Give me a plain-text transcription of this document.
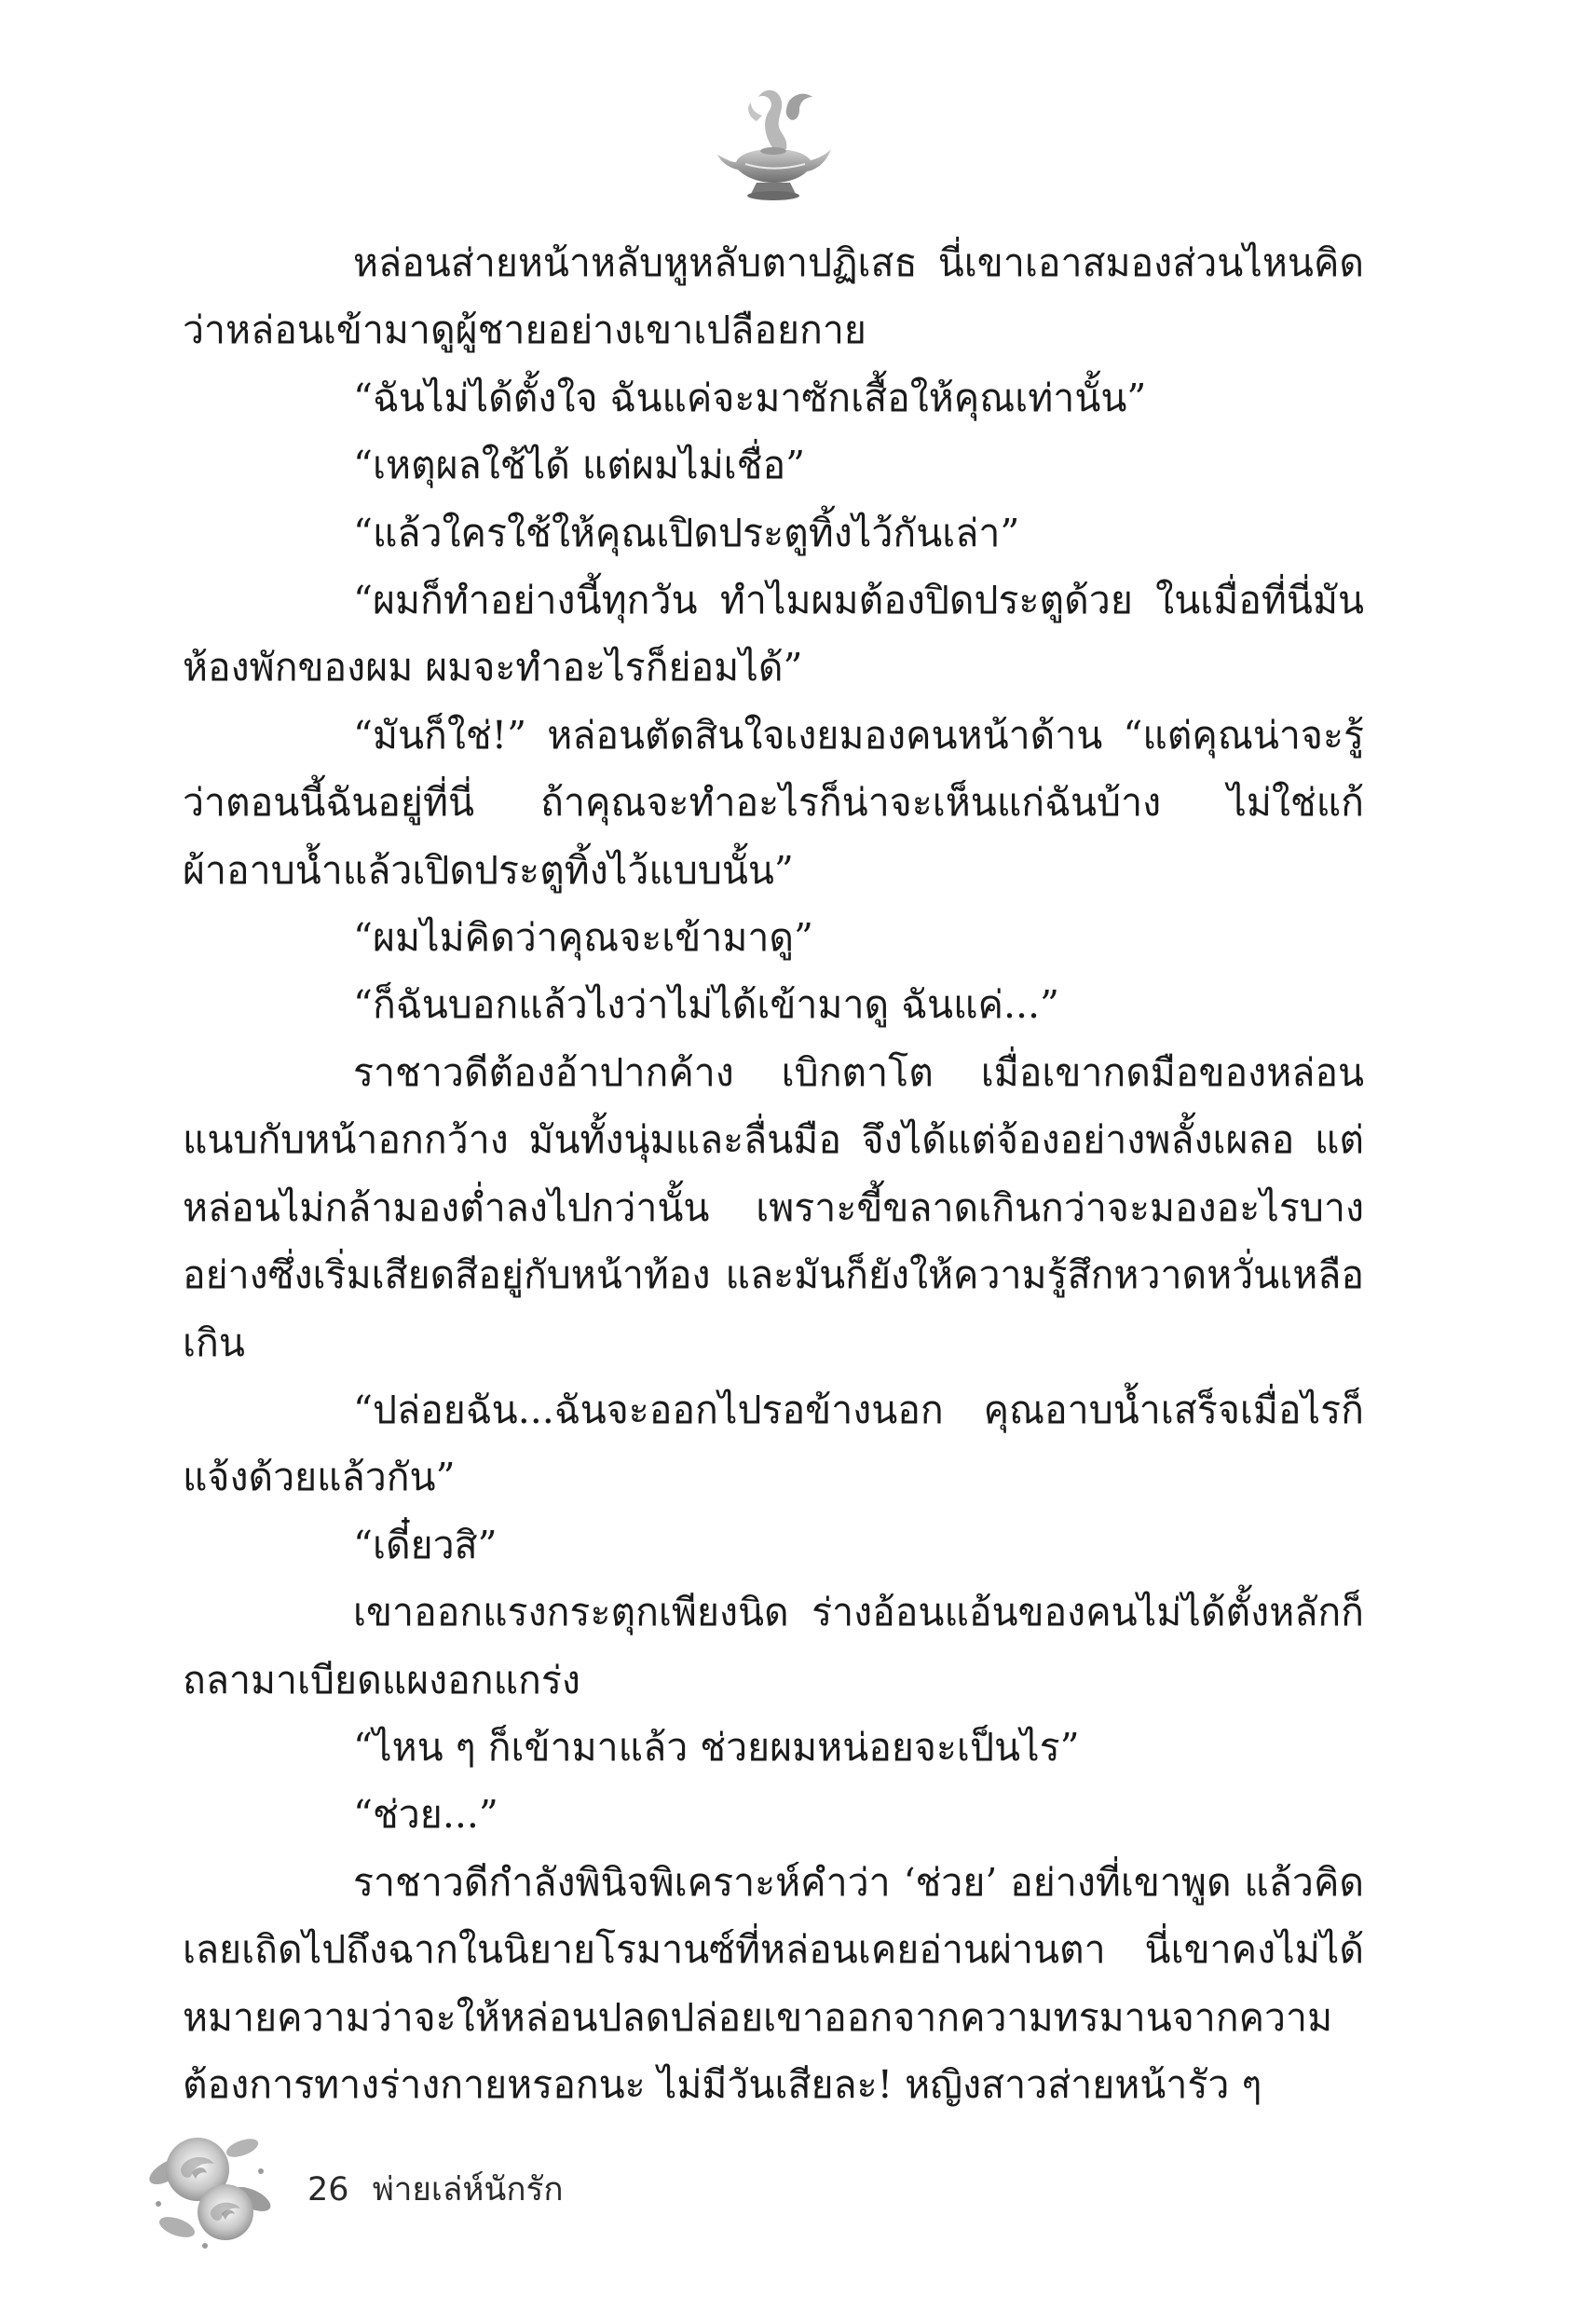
หล่อนส่ายหน้าหลับหูหลับตาปฏิเสธ นี่เขาเอาสมองส่วนไหนคิดว่าหล่อนเข้ามาดูผู้ชายอย่างเขาเปลือยกาย

“ฉันไม่ได้ตั้งใจ ฉันแค่จะมาซักเสื้อให้คุณเท่านั้น”

“เหตุผลใช้ได้ แต่ผมไม่เชื่อ”

“แล้วใครใช้ให้คุณเปิดประตูทิ้งไว้กันเล่า”

“ผมก็ทำอย่างนี้ทุกวัน ทำไมผมต้องปิดประตูด้วย ในเมื่อที่นี่มันห้องพักของผม ผมจะทำอะไรก็ย่อมได้”

“มันก็ใช่!” หล่อนตัดสินใจเงยมองคนหน้าด้าน “แต่คุณน่าจะรู้ว่าตอนนี้ฉันอยู่ที่นี่ ถ้าคุณจะทำอะไรก็น่าจะเห็นแก่ฉันบ้าง ไม่ใช่แก้ผ้าอาบน้ำแล้วเปิดประตูทิ้งไว้แบบนั้น”

“ผมไม่คิดว่าคุณจะเข้ามาดู”

“ก็ฉันบอกแล้วไงว่าไม่ได้เข้ามาดู ฉันแค่...”

ราชาวดีต้องอ้าปากค้าง เบิกตาโต เมื่อเขากดมือของหล่อนแนบกับหน้าอกกว้าง มันทั้งนุ่มและลื่นมือ จึงได้แต่จ้องอย่างพลั้งเผลอ แต่หล่อนไม่กล้ามองต่ำลงไปกว่านั้น เพราะขี้ขลาดเกินกว่าจะมองอะไรบางอย่างซึ่งเริ่มเสียดสีอยู่กับหน้าท้อง และมันก็ยังให้ความรู้สึกหวาดหวั่นเหลือเกิน

“ปล่อยฉัน...ฉันจะออกไปรอข้างนอก คุณอาบน้ำเสร็จเมื่อไรก็แจ้งด้วยแล้วกัน”

“เดี๋ยวสิ”

เขาออกแรงกระตุกเพียงนิด ร่างอ้อนแอ้นของคนไม่ได้ตั้งหลักก็ถลามาเบียดแผงอกแกร่ง

“ไหน ๆ ก็เข้ามาแล้ว ช่วยผมหน่อยจะเป็นไร”

“ช่วย...”

ราชาวดีกำลังพินิจพิเคราะห์คำว่า ‘ช่วย’ อย่างที่เขาพูด แล้วคิดเลยเถิดไปถึงฉากในนิยายโรมานซ์ที่หล่อนเคยอ่านผ่านตา นี่เขาคงไม่ได้หมายความว่าจะให้หล่อนปลดปล่อยเขาออกจากความทรมานจากความต้องการทางร่างกายหรอกนะ ไม่มีวันเสียละ! หญิงสาวส่ายหน้ารัว ๆ

26 พ่ายเล่ห์นักรัก
